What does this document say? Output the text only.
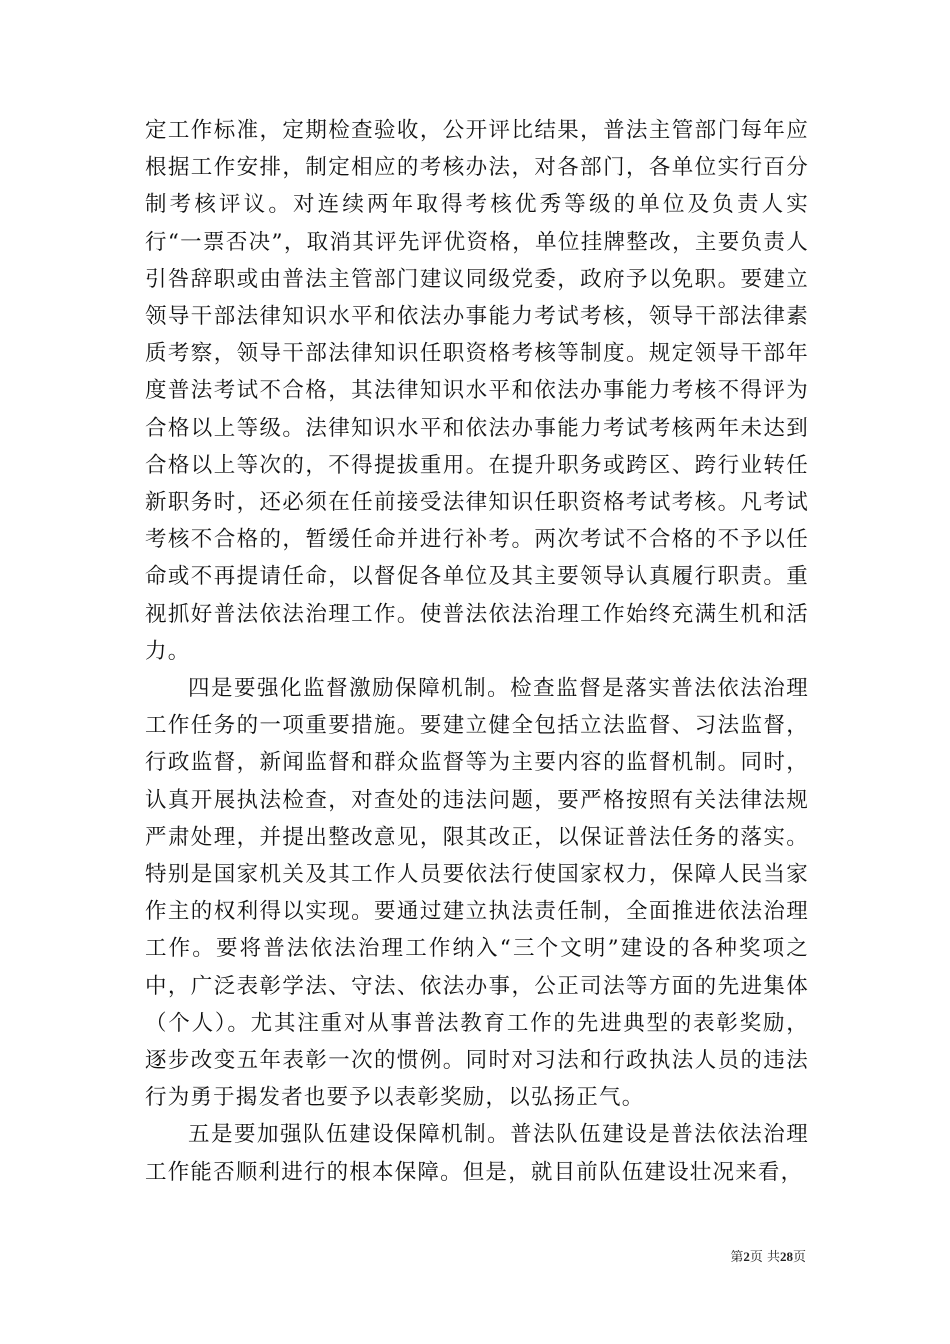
定工作标准，定期检查验收，公开评比结果，普法主管部门每年应根据工作安排，制定相应的考核办法，对各部门，各单位实行百分制考核评议。对连续两年取得考核优秀等级的单位及负责人实行“一票否决”，取消其评先评优资格，单位挂牌整改，主要负责人引咎辞职或由普法主管部门建议同级党委，政府予以免职。要建立领导干部法律知识水平和依法办事能力考试考核，领导干部法律素质考察，领导干部法律知识任职资格考核等制度。规定领导干部年度普法考试不合格，其法律知识水平和依法办事能力考核不得评为合格以上等级。法律知识水平和依法办事能力考试考核两年未达到合格以上等次的，不得提拔重用。在提升职务或跨区、跨行业转任新职务时，还必须在任前接受法律知识任职资格考试考核。凡考试考核不合格的，暂缓任命并进行补考。两次考试不合格的不予以任命或不再提请任命，以督促各单位及其主要领导认真履行职责。重视抓好普法依法治理工作。使普法依法治理工作始终充满生机和活力。

四是要强化监督激励保障机制。检查监督是落实普法依法治理工作任务的一项重要措施。要建立健全包括立法监督、习法监督，行政监督，新闻监督和群众监督等为主要内容的监督机制。同时，认真开展执法检查，对查处的违法问题，要严格按照有关法律法规严肃处理，并提出整改意见，限其改正，以保证普法任务的落实。特别是国家机关及其工作人员要依法行使国家权力，保障人民当家作主的权利得以实现。要通过建立执法责任制，全面推进依法治理工作。要将普法依法治理工作纳入“三个文明”建设的各种奖项之中，广泛表彰学法、守法、依法办事，公正司法等方面的先进集体（个人）。尤其注重对从事普法教育工作的先进典型的表彰奖励，逐步改变五年表彰一次的惯例。同时对习法和行政执法人员的违法行为勇于揭发者也要予以表彰奖励，以弘扬正气。

五是要加强队伍建设保障机制。普法队伍建设是普法依法治理工作能否顺利进行的根本保障。但是，就目前队伍建设壮况来看，

第2页 共28页
